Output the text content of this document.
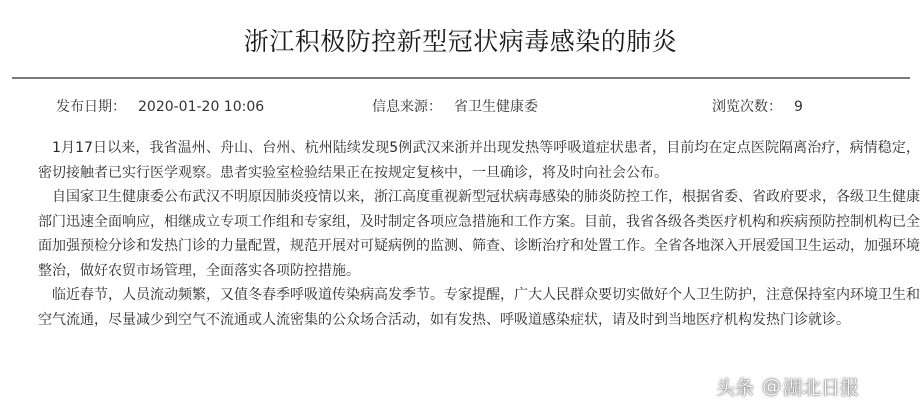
浙江积极防控新型冠状病毒感染的肺炎
发布日期： 2020-01-20 10:06	信息来源： 省卫生健康委	浏览次数： 9

1月17日以来，我省温州、舟山、台州、杭州陆续发现5例武汉来浙并出现发热等呼吸道症状患者，目前均在定点医院隔离治疗，病情稳定，密切接触者已实行医学观察。患者实验室检验结果正在按规定复核中，一旦确诊，将及时向社会公布。

自国家卫生健康委公布武汉不明原因肺炎疫情以来，浙江高度重视新型冠状病毒感染的肺炎防控工作，根据省委、省政府要求，各级卫生健康部门迅速全面响应，相继成立专项工作组和专家组，及时制定各项应急措施和工作方案。目前，我省各级各类医疗机构和疾病预防控制机构已全面加强预检分诊和发热门诊的力量配置，规范开展对可疑病例的监测、筛查、诊断治疗和处置工作。全省各地深入开展爱国卫生运动，加强环境整治，做好农贸市场管理，全面落实各项防控措施。

临近春节，人员流动频繁，又值冬春季呼吸道传染病高发季节。专家提醒，广大人民群众要切实做好个人卫生防护，注意保持室内环境卫生和空气流通，尽量减少到空气不流通或人流密集的公众场合活动，如有发热、呼吸道感染症状，请及时到当地医疗机构发热门诊就诊。

头条 @ 湖北日报
